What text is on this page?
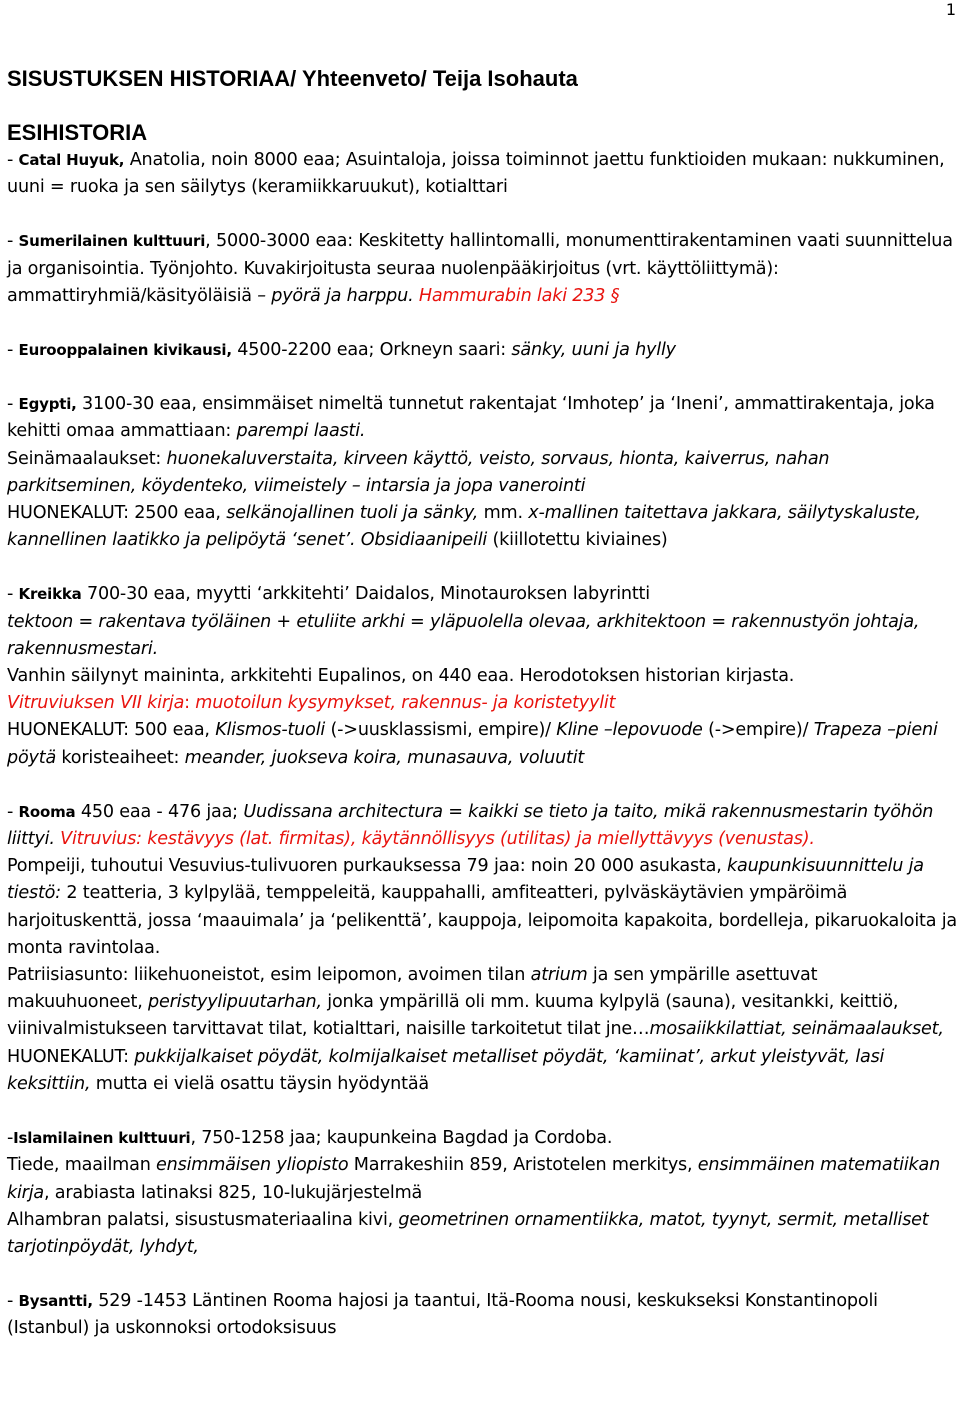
1

SISUSTUKSEN HISTORIAA/ Yhteenveto/ Teija Isohauta

ESIHISTORIA

- Catal Huyuk, Anatolia, noin 8000 eaa; Asuintaloja, joissa toiminnot jaettu funktioiden mukaan: nukkuminen, uuni = ruoka ja sen säilytys (keramiikkaruukut), kotialttari

- Sumerilainen kulttuuri, 5000-3000 eaa: Keskitetty hallintomalli, monumenttirakentaminen vaati suunnittelua ja organisointia. Työnjohto. Kuvakirjoitusta seuraa nuolenpääkirjoitus (vrt. käyttöliittymä): ammattiryhmiä/käsityöläisiä – pyörä ja harppu. Hammurabin laki 233 §

- Eurooppalainen kivikausi, 4500-2200 eaa; Orkneyn saari: sänky, uuni ja hylly

- Egypti, 3100-30 eaa, ensimmäiset nimeltä tunnetut rakentajat ‘Imhotep’ ja ‘Ineni’, ammattirakentaja, joka kehitti omaa ammattiaan: parempi laasti.

Seinämaalaukset: huonekaluverstaita, kirveen käyttö, veisto, sorvaus, hionta, kaiverrus, nahan parkitseminen, köydenteko, viimeistely – intarsia ja jopa vanerointi

HUONEKALUT: 2500 eaa, selkänojallinen tuoli ja sänky, mm. x-mallinen taitettava jakkara, säilytyskaluste, kannellinen laatikko ja pelipöytä ‘senet’. Obsidiaanipeili (kiillotettu kiviaines)

- Kreikka 700-30 eaa, myytti ‘arkkitehti’ Daidalos, Minotauroksen labyrintti

tektoon = rakentava työläinen + etuliite arkhi = yläpuolella olevaa, arkhitektoon = rakennustyön johtaja, rakennusmestari.

Vanhin säilynyt maininta, arkkitehti Eupalinos, on 440 eaa. Herodotoksen historian kirjasta.

Vitruviuksen VII kirja: muotoilun kysymykset, rakennus- ja koristetyylit

HUONEKALUT: 500 eaa, Klismos-tuoli (->uusklassismi, empire)/ Kline –lepovuode (->empire)/ Trapeza –pieni pöytä koristeaiheet: meander, juokseva koira, munasauva, voluutit

- Rooma 450 eaa - 476 jaa; Uudissana architectura = kaikki se tieto ja taito, mikä rakennusmestarin työhön liittyi. Vitruvius: kestävyys (lat. firmitas), käytännöllisyys (utilitas) ja miellyttävyys (venustas).

Pompeiji, tuhoutui Vesuvius-tulivuoren purkauksessa 79 jaa: noin 20 000 asukasta, kaupunkisuunnittelu ja tiestö: 2 teatteria, 3 kylpylää, temppeleitä, kauppahalli, amfiteatteri, pylväskäytävien ympäröimä harjoituskenttä, jossa ‘maauimala’ ja ‘pelikenttä’, kauppoja, leipomoita kapakoita, bordelleja, pikaruokaloita ja monta ravintolaa.

Patriisiasunto: liikehuoneistot, esim leipomon, avoimen tilan atrium ja sen ympärille asettuvat makuuhuoneet, peristyylipuutarhan, jonka ympärillä oli mm. kuuma kylpylä (sauna), vesitankki, keittiö, viinivalmistukseen tarvittavat tilat, kotialttari, naisille tarkoitetut tilat jne…mosaiikkilattiat, seinämaalaukset,

HUONEKALUT: pukkijalkaiset pöydät, kolmijalkaiset metalliset pöydät, ‘kamiinat’, arkut yleistyvät, lasi keksittiin, mutta ei vielä osattu täysin hyödyntää

-Islamilainen kulttuuri, 750-1258 jaa; kaupunkeina Bagdad ja Cordoba.

Tiede, maailman ensimmäisen yliopisto Marrakeshiin 859, Aristotelen merkitys, ensimmäinen matematiikan kirja, arabiasta latinaksi 825, 10-lukujärjestelmä

Alhambran palatsi, sisustusmateriaalina kivi, geometrinen ornamentiikka, matot, tyynyt, sermit, metalliset tarjotinpöydät, lyhdyt,

- Bysantti, 529 -1453 Läntinen Rooma hajosi ja taantui, Itä-Rooma nousi, keskukseksi Konstantinopoli (Istanbul) ja uskonnoksi ortodoksisuus
